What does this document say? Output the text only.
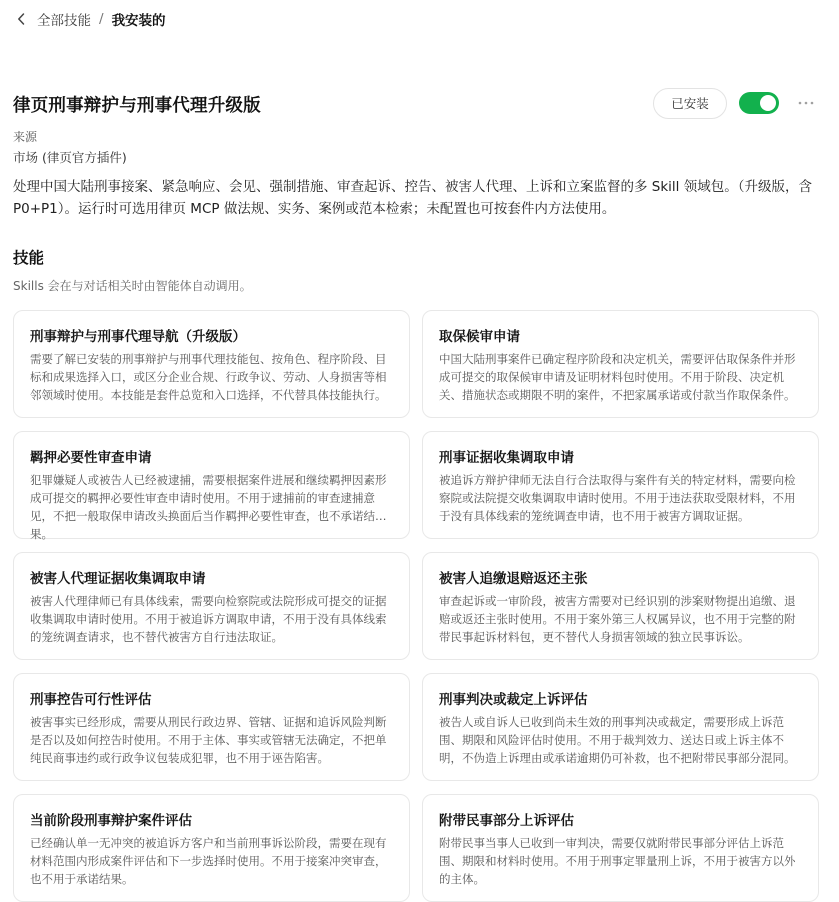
全部技能 / 我安装的
律页刑事辩护与刑事代理升级版	已安装
来源
市场 (律页官方插件)
处理中国大陆刑事接案、紧急响应、会见、强制措施、审查起诉、控告、被害人代理、上诉和立案监督的多 Skill 领域包。（升级版，含 P0+P1）。运行时可选用律页 MCP 做法规、实务、案例或范本检索；未配置也可按套件内方法使用。
技能
Skills 会在与对话相关时由智能体自动调用。
刑事辩护与刑事代理导航（升级版）
需要了解已安装的刑事辩护与刑事代理技能包、按角色、程序阶段、目标和成果选择入口，或区分企业合规、行政争议、劳动、人身损害等相邻领域时使用。本技能是套件总览和入口选择，不代替具体技能执行。
取保候审申请
中国大陆刑事案件已确定程序阶段和决定机关，需要评估取保条件并形成可提交的取保候审申请及证明材料包时使用。不用于阶段、决定机关、措施状态或期限不明的案件，不把家属承诺或付款当作取保条件。
羁押必要性审查申请
犯罪嫌疑人或被告人已经被逮捕，需要根据案件进展和继续羁押因素形成可提交的羁押必要性审查申请时使用。不用于逮捕前的审查逮捕意见，不把一般取保申请改头换面后当作羁押必要性审查，也不承诺结果。
刑事证据收集调取申请
被追诉方辩护律师无法自行合法取得与案件有关的特定材料，需要向检察院或法院提交收集调取申请时使用。不用于违法获取受限材料，不用于没有具体线索的笼统调查申请，也不用于被害方调取证据。
被害人代理证据收集调取申请
被害人代理律师已有具体线索，需要向检察院或法院形成可提交的证据收集调取申请时使用。不用于被追诉方调取申请，不用于没有具体线索的笼统调查请求，也不替代被害方自行违法取证。
被害人追缴退赔返还主张
审查起诉或一审阶段，被害方需要对已经识别的涉案财物提出追缴、退赔或返还主张时使用。不用于案外第三人权属异议，也不用于完整的附带民事起诉材料包，更不替代人身损害领域的独立民事诉讼。
刑事控告可行性评估
被害事实已经形成，需要从刑民行政边界、管辖、证据和追诉风险判断是否以及如何控告时使用。不用于主体、事实或管辖无法确定，不把单纯民商事违约或行政争议包装成犯罪，也不用于诬告陷害。
刑事判决或裁定上诉评估
被告人或自诉人已收到尚未生效的刑事判决或裁定，需要形成上诉范围、期限和风险评估时使用。不用于裁判效力、送达日或上诉主体不明，不伪造上诉理由或承诺逾期仍可补救，也不把附带民事部分混同。
当前阶段刑事辩护案件评估
已经确认单一无冲突的被追诉方客户和当前刑事诉讼阶段，需要在现有材料范围内形成案件评估和下一步选择时使用。不用于接案冲突审查，也不用于承诺结果。
附带民事部分上诉评估
附带民事当事人已收到一审判决，需要仅就附带民事部分评估上诉范围、期限和材料时使用。不用于刑事定罪量刑上诉，不用于被害方以外的主体。
